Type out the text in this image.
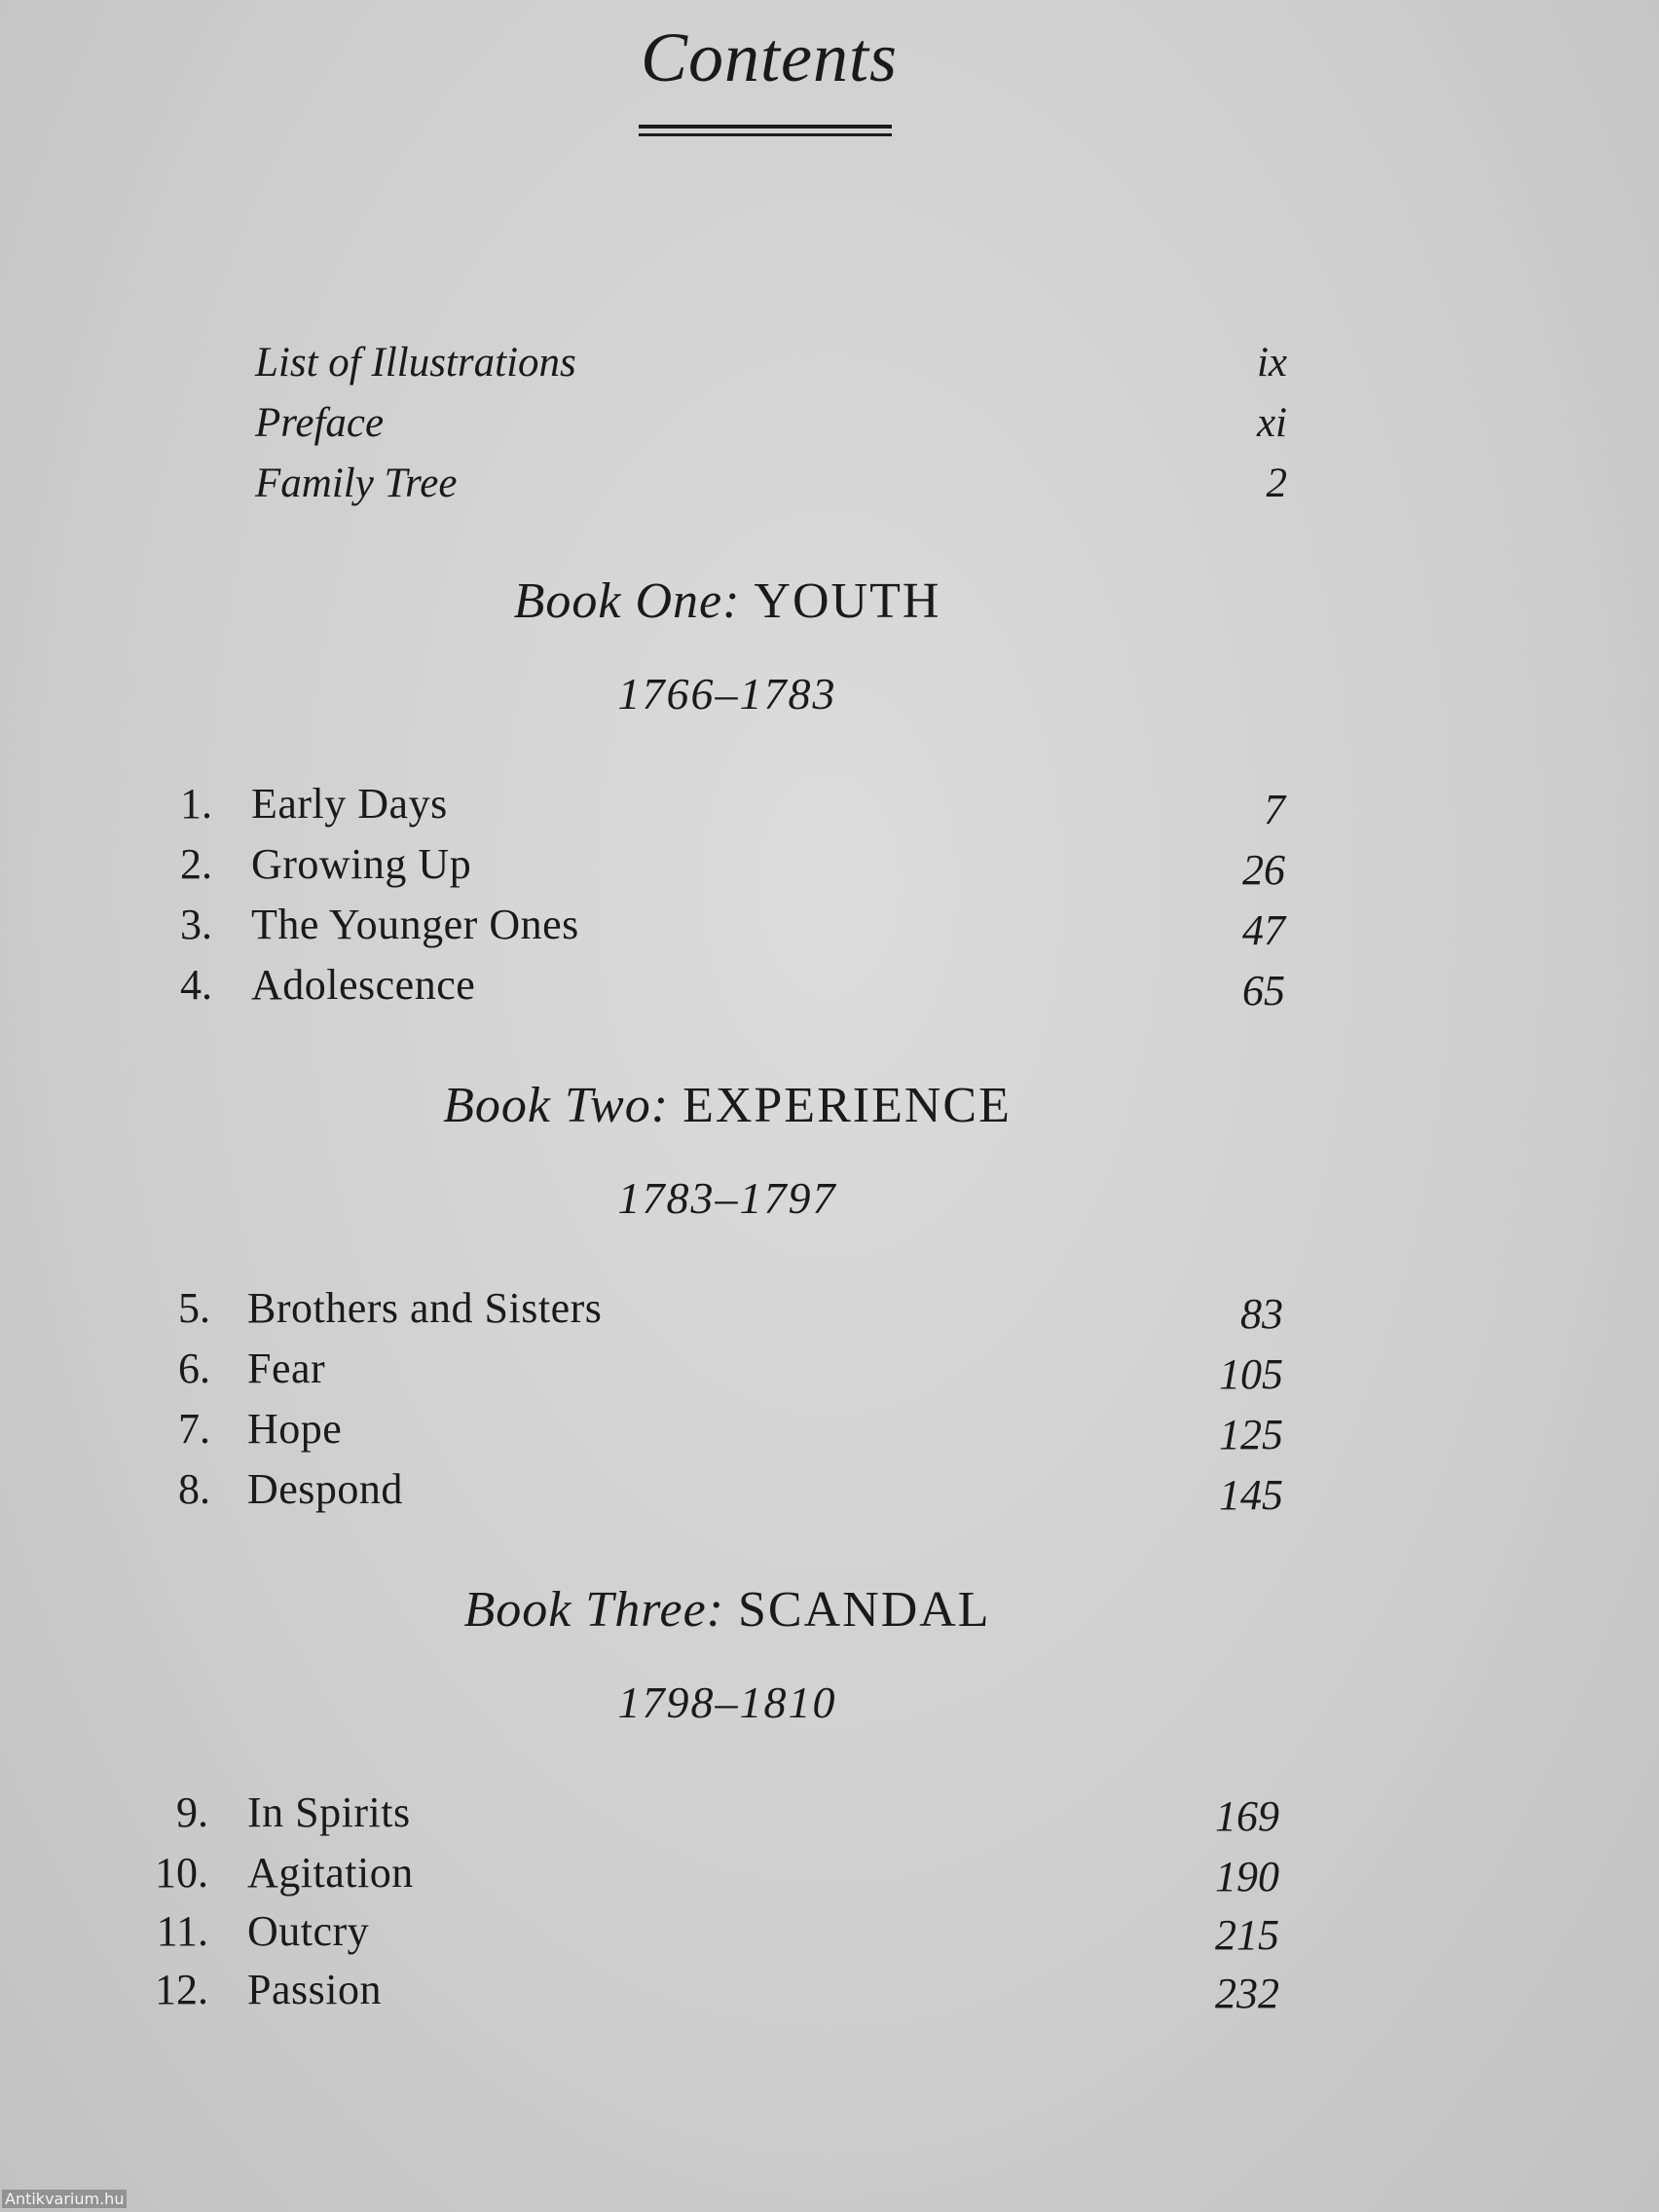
Contents
List of Illustrations	ix
Preface	xi
Family Tree	2
Book One: YOUTH
1766–1783
1. Early Days	7
2. Growing Up	26
3. The Younger Ones	47
4. Adolescence	65
Book Two: EXPERIENCE
1783–1797
5. Brothers and Sisters	83
6. Fear	105
7. Hope	125
8. Despond	145
Book Three: SCANDAL
1798–1810
9. In Spirits	169
10. Agitation	190
11. Outcry	215
12. Passion	232
Antikvarium.hu
